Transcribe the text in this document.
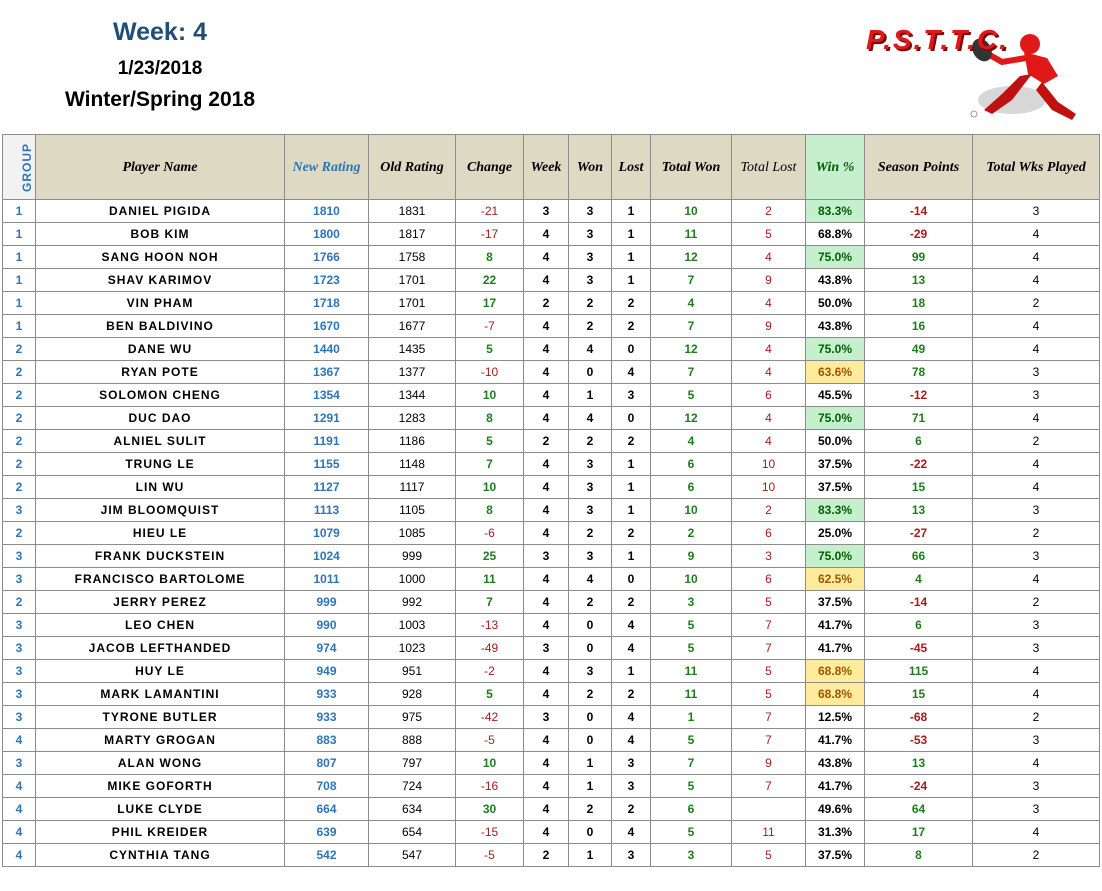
Week: 4
1/23/2018
Winter/Spring 2018
P.S.T.T.C.
GROUP	Player Name	New Rating	Old Rating	Change	Week	Won	Lost	Total Won	Total Lost	Win %	Season Points	Total Wks Played
1	DANIEL PIGIDA	1810	1831	-21	3	3	1	10	2	83.3%	-14	3
1	BOB KIM	1800	1817	-17	4	3	1	11	5	68.8%	-29	4
1	SANG HOON NOH	1766	1758	8	4	3	1	12	4	75.0%	99	4
1	SHAV KARIMOV	1723	1701	22	4	3	1	7	9	43.8%	13	4
1	VIN PHAM	1718	1701	17	2	2	2	4	4	50.0%	18	2
1	BEN BALDIVINO	1670	1677	-7	4	2	2	7	9	43.8%	16	4
2	DANE WU	1440	1435	5	4	4	0	12	4	75.0%	49	4
2	RYAN POTE	1367	1377	-10	4	0	4	7	4	63.6%	78	3
2	SOLOMON CHENG	1354	1344	10	4	1	3	5	6	45.5%	-12	3
2	DUC DAO	1291	1283	8	4	4	0	12	4	75.0%	71	4
2	ALNIEL SULIT	1191	1186	5	2	2	2	4	4	50.0%	6	2
2	TRUNG LE	1155	1148	7	4	3	1	6	10	37.5%	-22	4
2	LIN WU	1127	1117	10	4	3	1	6	10	37.5%	15	4
3	JIM BLOOMQUIST	1113	1105	8	4	3	1	10	2	83.3%	13	3
2	HIEU LE	1079	1085	-6	4	2	2	2	6	25.0%	-27	2
3	FRANK DUCKSTEIN	1024	999	25	3	3	1	9	3	75.0%	66	3
3	FRANCISCO BARTOLOME	1011	1000	11	4	4	0	10	6	62.5%	4	4
2	JERRY PEREZ	999	992	7	4	2	2	3	5	37.5%	-14	2
3	LEO CHEN	990	1003	-13	4	0	4	5	7	41.7%	6	3
3	JACOB LEFTHANDED	974	1023	-49	3	0	4	5	7	41.7%	-45	3
3	HUY LE	949	951	-2	4	3	1	11	5	68.8%	115	4
3	MARK LAMANTINI	933	928	5	4	2	2	11	5	68.8%	15	4
3	TYRONE BUTLER	933	975	-42	3	0	4	1	7	12.5%	-68	2
4	MARTY GROGAN	883	888	-5	4	0	4	5	7	41.7%	-53	3
3	ALAN WONG	807	797	10	4	1	3	7	9	43.8%	13	4
4	MIKE GOFORTH	708	724	-16	4	1	3	5	7	41.7%	-24	3
4	LUKE CLYDE	664	634	30	4	2	2	6		49.6%	64	3
4	PHIL KREIDER	639	654	-15	4	0	4	5	11	31.3%	17	4
4	CYNTHIA TANG	542	547	-5	2	1	3	3	5	37.5%	8	2
